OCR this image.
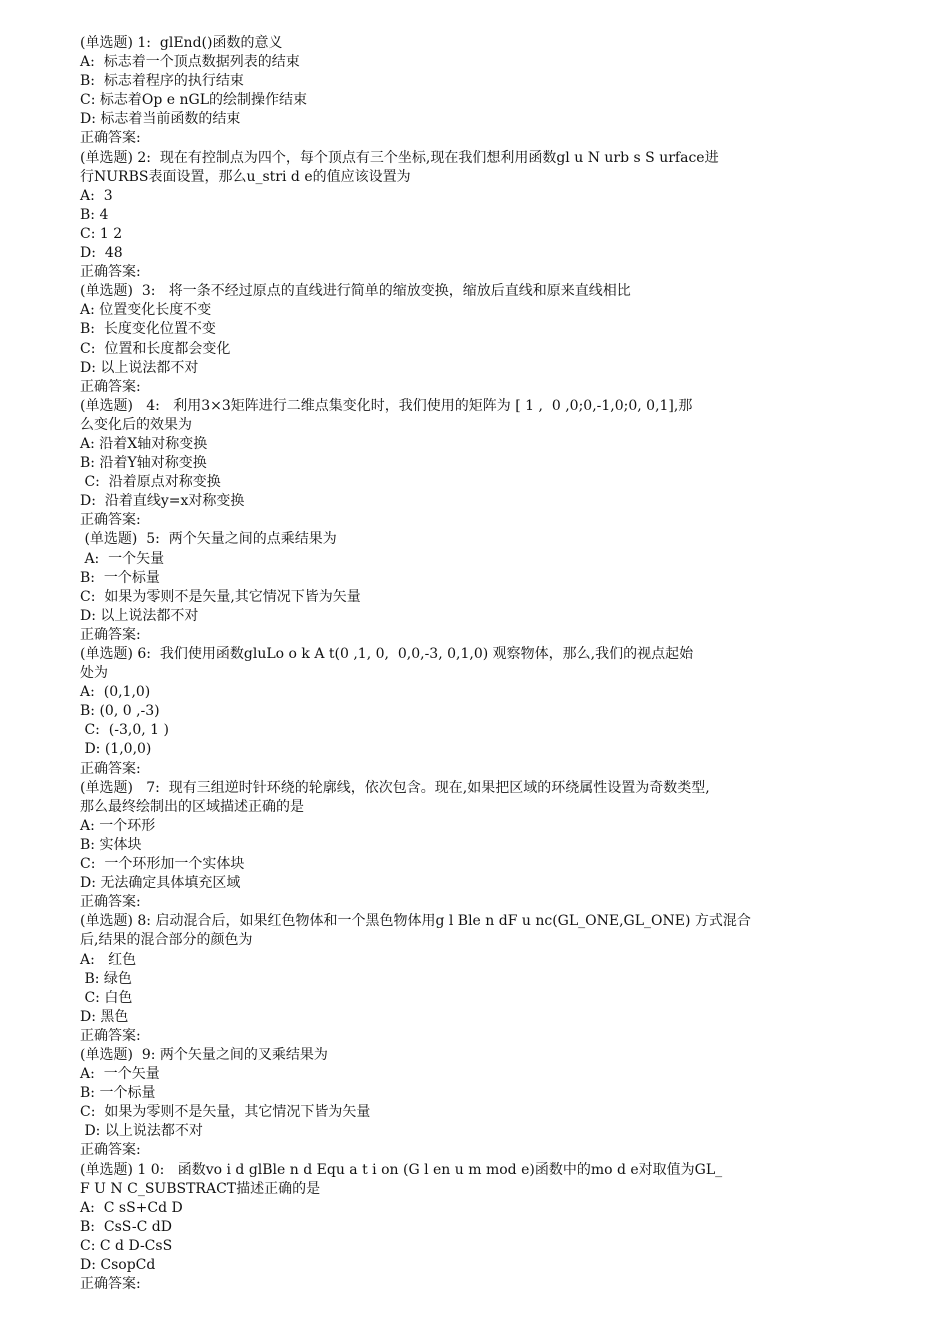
(单选题) 1:  glEnd()函数的意义
A:  标志着一个顶点数据列表的结束
B:  标志着程序的执行结束
C: 标志着Op e nGL的绘制操作结束
D: 标志着当前函数的结束
正确答案:
(单选题) 2:  现在有控制点为四个，每个顶点有三个坐标,现在我们想利用函数gl u N urb s S urface进
行NURBS表面设置，那么u_stri d e的值应该设置为
A:  3
B: 4
C: 1 2
D:  48
正确答案:
(单选题)  3:   将一条不经过原点的直线进行简单的缩放变换，缩放后直线和原来直线相比
A: 位置变化长度不变
B:  长度变化位置不变
C:  位置和长度都会变化
D: 以上说法都不对
正确答案:
(单选题)   4:   利用3×3矩阵进行二维点集变化时，我们使用的矩阵为 [ 1 ,  0 ,0;0,-1,0;0, 0,1],那
么变化后的效果为
A: 沿着X轴对称变换
B: 沿着Y轴对称变换
C:  沿着原点对称变换
D:  沿着直线y=x对称变换
正确答案:
(单选题)  5:  两个矢量之间的点乘结果为
A:  一个矢量
B:  一个标量
C:  如果为零则不是矢量,其它情况下皆为矢量
D: 以上说法都不对
正确答案:
(单选题) 6:  我们使用函数gluLo o k A t(0 ,1, 0,  0,0,-3, 0,1,0) 观察物体，那么,我们的视点起始
处为
A:  (0,1,0)
B: (0, 0 ,-3)
C:  (-3,0, 1 )
D: (1,0,0)
正确答案:
(单选题)   7:  现有三组逆时针环绕的轮廓线，依次包含。现在,如果把区域的环绕属性设置为奇数类型,
那么最终绘制出的区域描述正确的是
A: 一个环形
B: 实体块
C:  一个环形加一个实体块
D: 无法确定具体填充区域
正确答案:
(单选题) 8: 启动混合后，如果红色物体和一个黑色物体用g l Ble n dF u nc(GL_ONE,GL_ONE) 方式混合
后,结果的混合部分的颜色为
A:   红色
B: 绿色
C: 白色
D: 黑色
正确答案:
(单选题)  9: 两个矢量之间的叉乘结果为
A:  一个矢量
B: 一个标量
C:  如果为零则不是矢量，其它情况下皆为矢量
D: 以上说法都不对
正确答案:
(单选题) 1 0:   函数vo i d glBle n d Equ a t i on (G l en u m mod e)函数中的mo d e对取值为GL_
F U N C_SUBSTRACT描述正确的是
A:  C sS+Cd D
B:  CsS-C dD
C: C d D-CsS
D: CsopCd
正确答案:
